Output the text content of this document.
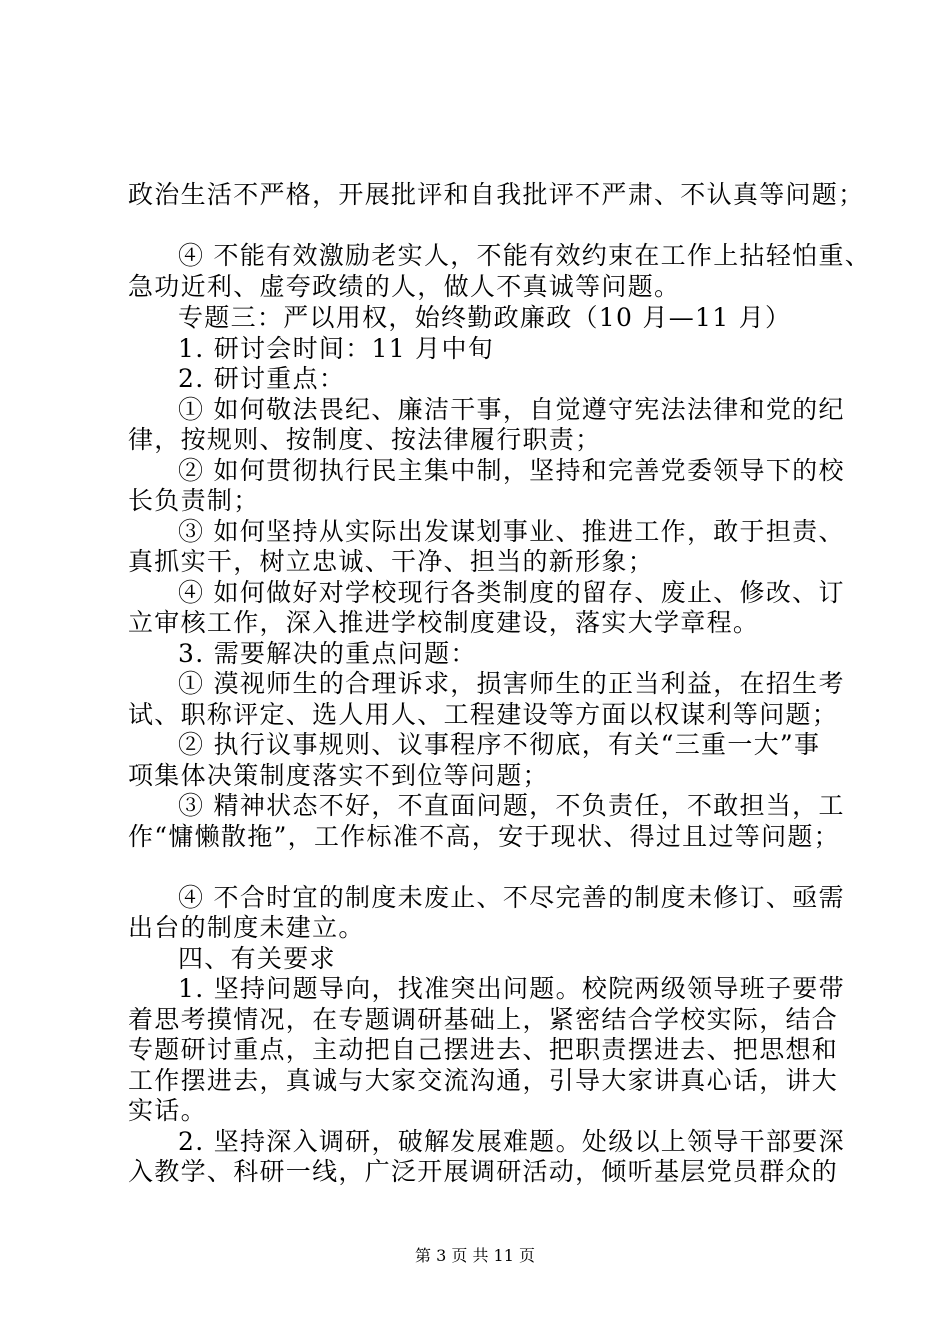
政治生活不严格，开展批评和自我批评不严肃、不认真等问题；
④ 不能有效激励老实人，不能有效约束在工作上拈轻怕重、
急功近利、虚夸政绩的人，做人不真诚等问题。
专题三：严以用权，始终勤政廉政（10 月—11 月）
1. 研讨会时间：11 月中旬
2. 研讨重点：
① 如何敬法畏纪、廉洁干事，自觉遵守宪法法律和党的纪
律，按规则、按制度、按法律履行职责；
② 如何贯彻执行民主集中制，坚持和完善党委领导下的校
长负责制；
③ 如何坚持从实际出发谋划事业、推进工作，敢于担责、
真抓实干，树立忠诚、干净、担当的新形象；
④ 如何做好对学校现行各类制度的留存、废止、修改、订
立审核工作，深入推进学校制度建设，落实大学章程。
3. 需要解决的重点问题：
① 漠视师生的合理诉求，损害师生的正当利益，在招生考
试、职称评定、选人用人、工程建设等方面以权谋利等问题；
② 执行议事规则、议事程序不彻底，有关“三重一大”事
项集体决策制度落实不到位等问题；
③ 精神状态不好，不直面问题，不负责任，不敢担当，工
作“慵懒散拖”，工作标准不高，安于现状、得过且过等问题；
④ 不合时宜的制度未废止、不尽完善的制度未修订、亟需
出台的制度未建立。
四、有关要求
1. 坚持问题导向，找准突出问题。校院两级领导班子要带
着思考摸情况，在专题调研基础上，紧密结合学校实际，结合
专题研讨重点，主动把自己摆进去、把职责摆进去、把思想和
工作摆进去，真诚与大家交流沟通，引导大家讲真心话，讲大
实话。
2. 坚持深入调研，破解发展难题。处级以上领导干部要深
入教学、科研一线，广泛开展调研活动，倾听基层党员群众的
第 3 页 共 11 页
